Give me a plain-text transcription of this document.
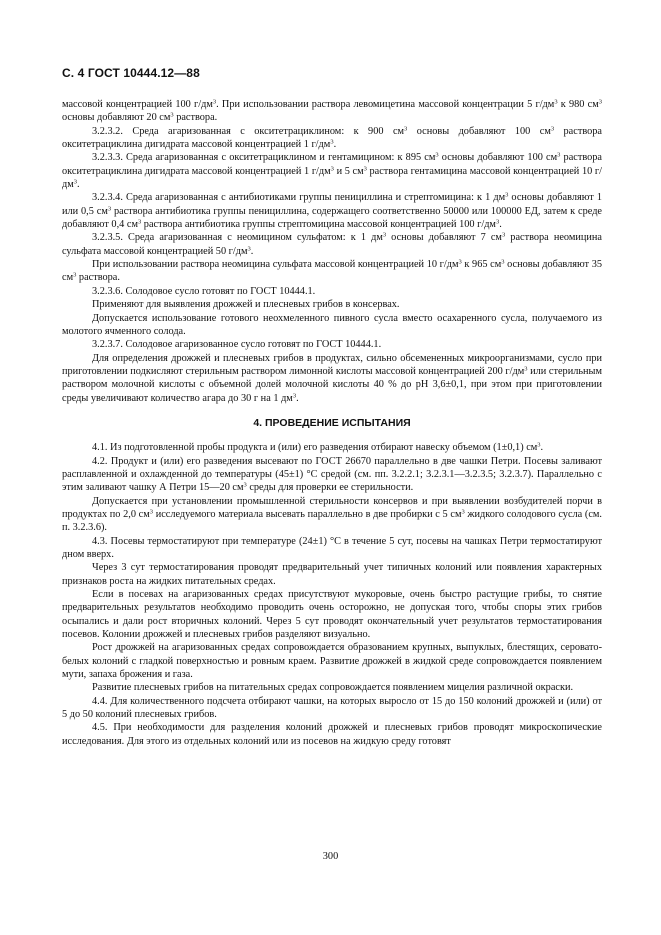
С. 4 ГОСТ 10444.12—88

массовой концентрацией 100 $г/дм^3$. При использовании раствора левомицетина массовой концентрации 5 $г/дм^3$ к 980 $см^3$ основы добавляют 20 $см^3$ раствора.

3.2.3.2. Среда агаризованная с окситетрациклином: к 900 $см^3$ основы добавляют 100 $см^3$ раствора окситетрациклина дигидрата массовой концентрацией 1 $г/дм^3$.

3.2.3.3. Среда агаризованная с окситетрациклином и гентамицином: к 895 $см^3$ основы добавляют 100 $см^3$ раствора окситетрациклина дигидрата массовой концентрацией 1 $г/дм^3$ и 5 $см^3$ раствора гентамицина массовой концентрацией 10 $г/дм^3$.

3.2.3.4. Среда агаризованная с антибиотиками группы пенициллина и стрептомицина: к 1 $дм^3$ основы добавляют 1 или 0,5 $см^3$ раствора антибиотика группы пенициллина, содержащего соответственно 50000 или 100000 ЕД, затем к среде добавляют 0,4 $см^3$ раствора антибиотика группы стрептомицина массовой концентрацией 100 $г/дм^3$.

3.2.3.5. Среда агаризованная с неомицином сульфатом: к 1 $дм^3$ основы добавляют 7 $см^3$ раствора неомицина сульфата массовой концентрацией 50 $г/дм^3$.

При использовании раствора неомицина сульфата массовой концентрацией 10 $г/дм^3$ к 965 $см^3$ основы добавляют 35 $см^3$ раствора.

3.2.3.6. Солодовое сусло готовят по ГОСТ 10444.1.

Применяют для выявления дрожжей и плесневых грибов в консервах.

Допускается использование готового неохмеленного пивного сусла вместо осахаренного сусла, получаемого из молотого ячменного солода.

3.2.3.7. Солодовое агаризованное сусло готовят по ГОСТ 10444.1.

Для определения дрожжей и плесневых грибов в продуктах, сильно обсемененных микроорганизмами, сусло при приготовлении подкисляют стерильным раствором лимонной кислоты массовой концентрацией 200 $г/дм^3$ или стерильным раствором молочной кислоты с объемной долей молочной кислоты 40 % до рН 3,6±0,1, при этом при приготовлении среды увеличивают количество агара до 30 г на 1 $дм^3$.

4. ПРОВЕДЕНИЕ ИСПЫТАНИЯ

4.1. Из подготовленной пробы продукта и (или) его разведения отбирают навеску объемом (1±0,1) $см^3$.

4.2. Продукт и (или) его разведения высевают по ГОСТ 26670 параллельно в две чашки Петри. Посевы заливают расплавленной и охлажденной до температуры (45±1) °С средой (см. пп. 3.2.2.1; 3.2.3.1—3.2.3.5; 3.2.3.7). Параллельно с этим заливают чашку А Петри 15—20 $см^3$ среды для проверки ее стерильности.

Допускается при установлении промышленной стерильности консервов и при выявлении возбудителей порчи в продуктах по 2,0 $см^3$ исследуемого материала высевать параллельно в две пробирки с 5 $см^3$ жидкого солодового сусла (см. п. 3.2.3.6).

4.3. Посевы термостатируют при температуре (24±1) °С в течение 5 сут, посевы на чашках Петри термостатируют дном вверх.

Через 3 сут термостатирования проводят предварительный учет типичных колоний или появления характерных признаков роста на жидких питательных средах.

Если в посевах на агаризованных средах присутствуют мукоровые, очень быстро растущие грибы, то снятие предварительных результатов необходимо проводить очень осторожно, не допуская того, чтобы споры этих грибов осыпались и дали рост вторичных колоний. Через 5 сут проводят окончательный учет результатов термостатирования посевов. Колонии дрожжей и плесневых грибов разделяют визуально.

Рост дрожжей на агаризованных средах сопровождается образованием крупных, выпуклых, блестящих, серовато-белых колоний с гладкой поверхностью и ровным краем. Развитие дрожжей в жидкой среде сопровождается появлением мути, запаха брожения и газа.

Развитие плесневых грибов на питательных средах сопровождается появлением мицелия различной окраски.

4.4. Для количественного подсчета отбирают чашки, на которых выросло от 15 до 150 колоний дрожжей и (или) от 5 до 50 колоний плесневых грибов.

4.5. При необходимости для разделения колоний дрожжей и плесневых грибов проводят микроскопические исследования. Для этого из отдельных колоний или из посевов на жидкую среду готовят

300
